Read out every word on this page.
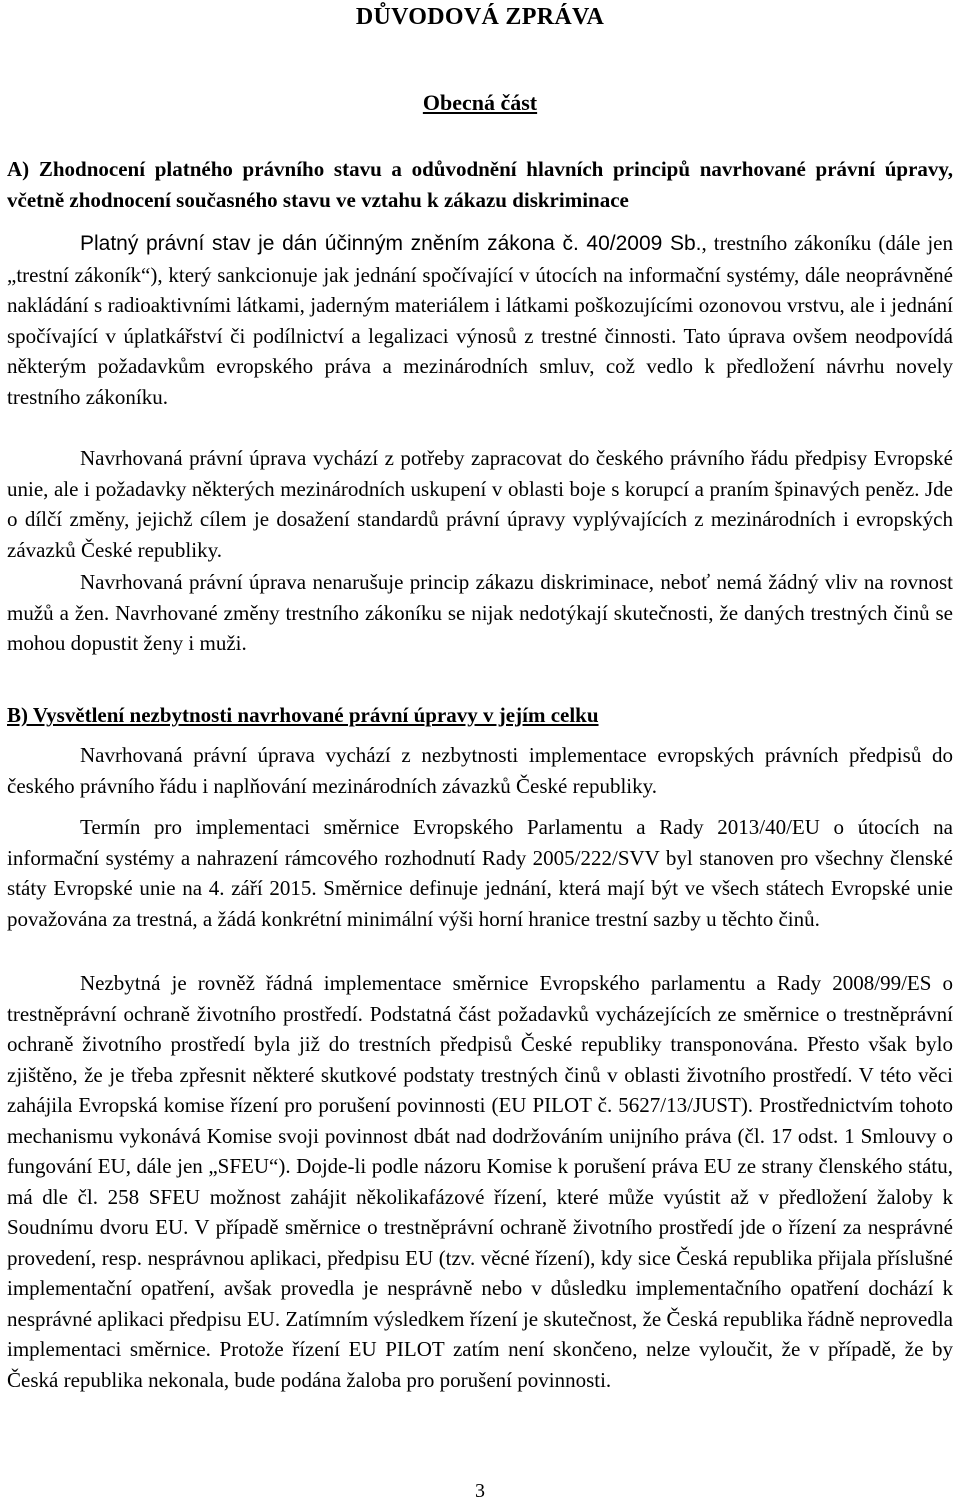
DŮVODOVÁ ZPRÁVA
Obecná část

A) Zhodnocení platného právního stavu a odůvodnění hlavních principů navrhované právní úpravy, včetně zhodnocení současného stavu ve vztahu k zákazu diskriminace

Platný právní stav je dán účinným zněním zákona č. 40/2009 Sb., trestního zákoníku (dále jen „trestní zákoník“), který sankcionuje jak jednání spočívající v útocích na informační systémy, dále neoprávněné nakládání s radioaktivními látkami, jaderným materiálem i látkami poškozujícími ozonovou vrstvu, ale i jednání spočívající v úplatkářství či podílnictví a legalizaci výnosů z trestné činnosti. Tato úprava ovšem neodpovídá některým požadavkům evropského práva a mezinárodních smluv, což vedlo k předložení návrhu novely trestního zákoníku.

Navrhovaná právní úprava vychází z potřeby zapracovat do českého právního řádu předpisy Evropské unie, ale i požadavky některých mezinárodních uskupení v oblasti boje s korupcí a praním špinavých peněz. Jde o dílčí změny, jejichž cílem je dosažení standardů právní úpravy vyplývajících z mezinárodních i evropských závazků České republiky.

Navrhovaná právní úprava nenarušuje princip zákazu diskriminace, neboť nemá žádný vliv na rovnost mužů a žen. Navrhované změny trestního zákoníku se nijak nedotýkají skutečnosti, že daných trestných činů se mohou dopustit ženy i muži.

B) Vysvětlení nezbytnosti navrhované právní úpravy v jejím celku

Navrhovaná právní úprava vychází z nezbytnosti implementace evropských právních předpisů do českého právního řádu i naplňování mezinárodních závazků České republiky.

Termín pro implementaci směrnice Evropského Parlamentu a Rady 2013/40/EU o útocích na informační systémy a nahrazení rámcového rozhodnutí Rady 2005/222/SVV byl stanoven pro všechny členské státy Evropské unie na 4. září 2015. Směrnice definuje jednání, která mají být ve všech státech Evropské unie považována za trestná, a žádá konkrétní minimální výši horní hranice trestní sazby u těchto činů.

Nezbytná je rovněž řádná implementace směrnice Evropského parlamentu a Rady 2008/99/ES o trestněprávní ochraně životního prostředí. Podstatná část požadavků vycházejících ze směrnice o trestněprávní ochraně životního prostředí byla již do trestních předpisů České republiky transponována. Přesto však bylo zjištěno, že je třeba zpřesnit některé skutkové podstaty trestných činů v oblasti životního prostředí. V této věci zahájila Evropská komise řízení pro porušení povinnosti (EU PILOT č. 5627/13/JUST). Prostřednictvím tohoto mechanismu vykonává Komise svoji povinnost dbát nad dodržováním unijního práva (čl. 17 odst. 1 Smlouvy o fungování EU, dále jen „SFEU“). Dojde-li podle názoru Komise k porušení práva EU ze strany členského státu, má dle čl. 258 SFEU možnost zahájit několikafázové řízení, které může vyústit až v předložení žaloby k Soudnímu dvoru EU. V případě směrnice o trestněprávní ochraně životního prostředí jde o řízení za nesprávné provedení, resp. nesprávnou aplikaci, předpisu EU (tzv. věcné řízení), kdy sice Česká republika přijala příslušné implementační opatření, avšak provedla je nesprávně nebo v důsledku implementačního opatření dochází k nesprávné aplikaci předpisu EU. Zatímním výsledkem řízení je skutečnost, že Česká republika řádně neprovedla implementaci směrnice. Protože řízení EU PILOT zatím není skončeno, nelze vyloučit, že v případě, že by Česká republika nekonala, bude podána žaloba pro porušení povinnosti.

3
